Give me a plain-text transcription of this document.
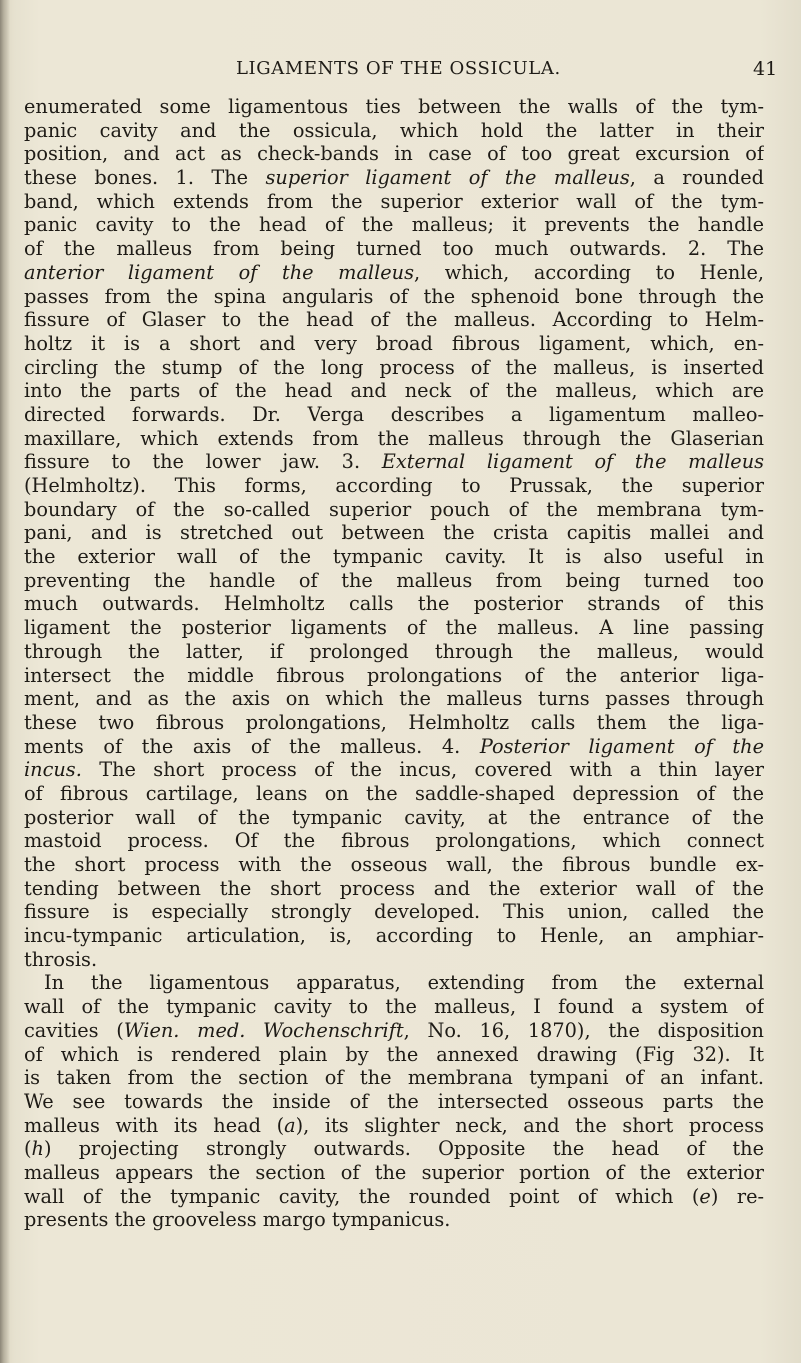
LIGAMENTS OF THE OSSICULA.	41
enumerated some ligamentous ties between the walls of the tym-
panic cavity and the ossicula, which hold the latter in their
position, and act as check-bands in case of too great excursion of
these bones. 1. The superior ligament of the malleus, a rounded
band, which extends from the superior exterior wall of the tym-
panic cavity to the head of the malleus; it prevents the handle
of the malleus from being turned too much outwards. 2. The
anterior ligament of the malleus, which, according to Henle,
passes from the spina angularis of the sphenoid bone through the
fissure of Glaser to the head of the malleus. According to Helm-
holtz it is a short and very broad fibrous ligament, which, en-
circling the stump of the long process of the malleus, is inserted
into the parts of the head and neck of the malleus, which are
directed forwards. Dr. Verga describes a ligamentum malleo-
maxillare, which extends from the malleus through the Glaserian
fissure to the lower jaw. 3. External ligament of the malleus
(Helmholtz). This forms, according to Prussak, the superior
boundary of the so-called superior pouch of the membrana tym-
pani, and is stretched out between the crista capitis mallei and
the exterior wall of the tympanic cavity. It is also useful in
preventing the handle of the malleus from being turned too
much outwards. Helmholtz calls the posterior strands of this
ligament the posterior ligaments of the malleus. A line passing
through the latter, if prolonged through the malleus, would
intersect the middle fibrous prolongations of the anterior liga-
ment, and as the axis on which the malleus turns passes through
these two fibrous prolongations, Helmholtz calls them the liga-
ments of the axis of the malleus. 4. Posterior ligament of the
incus. The short process of the incus, covered with a thin layer
of fibrous cartilage, leans on the saddle-shaped depression of the
posterior wall of the tympanic cavity, at the entrance of the
mastoid process. Of the fibrous prolongations, which connect
the short process with the osseous wall, the fibrous bundle ex-
tending between the short process and the exterior wall of the
fissure is especially strongly developed. This union, called the
incu-tympanic articulation, is, according to Henle, an amphiar-
throsis.
In the ligamentous apparatus, extending from the external
wall of the tympanic cavity to the malleus, I found a system of
cavities (Wien. med. Wochenschrift, No. 16, 1870), the disposition
of which is rendered plain by the annexed drawing (Fig 32). It
is taken from the section of the membrana tympani of an infant.
We see towards the inside of the intersected osseous parts the
malleus with its head (a), its slighter neck, and the short process
(h) projecting strongly outwards. Opposite the head of the
malleus appears the section of the superior portion of the exterior
wall of the tympanic cavity, the rounded point of which (e) re-
presents the grooveless margo tympanicus.
